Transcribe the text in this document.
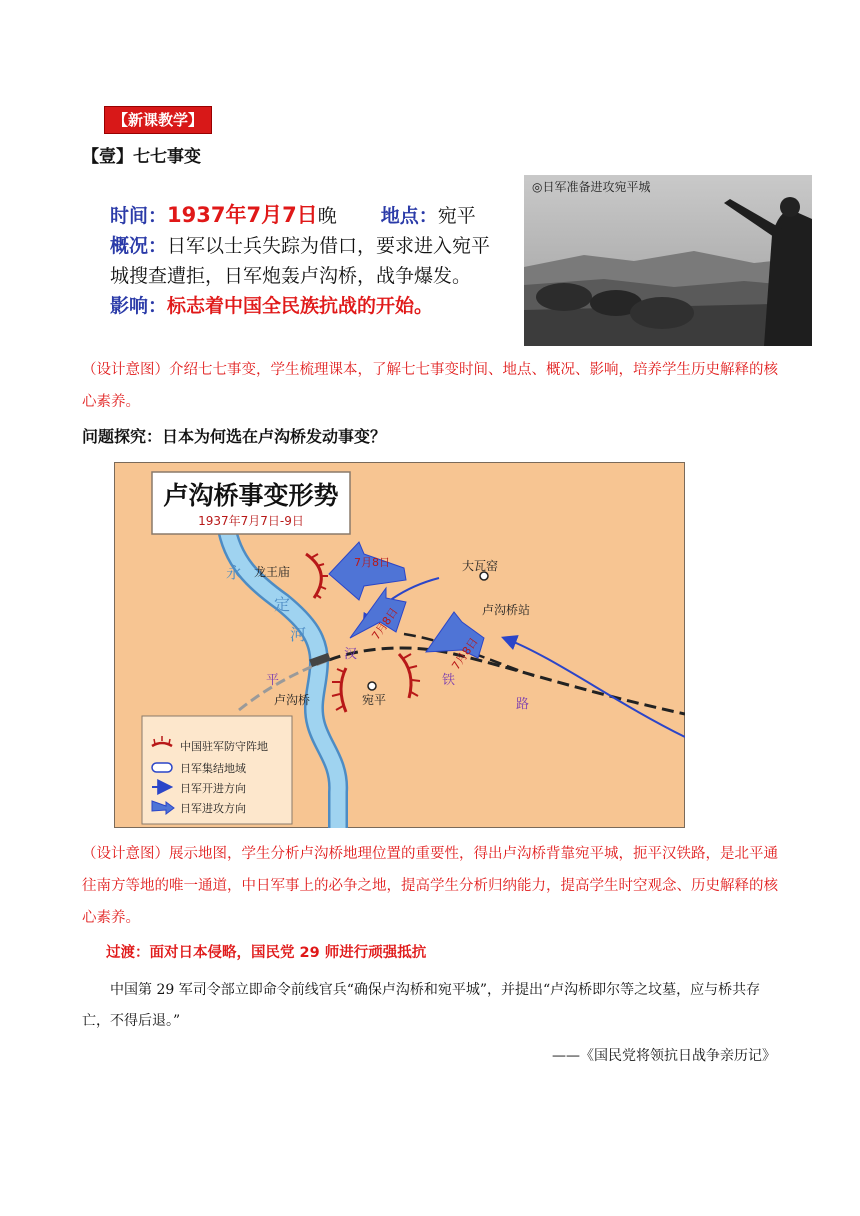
【新课教学】
【壹】七七事变
时间：1937年7月7日晚 地点：宛平
概况：日军以士兵失踪为借口，要求进入宛平
城搜查遭拒，日军炮轰卢沟桥，战争爆发。
影响：标志着中国全民族抗战的开始。
◎日军准备进攻宛平城
（设计意图）介绍七七事变，学生梳理课本，了解七七事变时间、地点、概况、影响，培养学生历史解释的核心素养。
问题探究：日本为何选在卢沟桥发动事变？
卢沟桥事变形势
1937年7月7日-9日
永
定
河
龙王庙	大瓦窑
卢沟桥站
卢沟桥	宛平
平
汉
铁
路
7月8日
7月8日
7月8日
中国驻军防守阵地
日军集结地域
日军开进方向
日军进攻方向
（设计意图）展示地图，学生分析卢沟桥地理位置的重要性，得出卢沟桥背靠宛平城，扼平汉铁路，是北平通往南方等地的唯一通道，中日军事上的必争之地，提高学生分析归纳能力，提高学生时空观念、历史解释的核心素养。
过渡：面对日本侵略，国民党 29 师进行顽强抵抗
中国第 29 军司令部立即命令前线官兵“确保卢沟桥和宛平城”，并提出“卢沟桥即尔等之坟墓，应与桥共存亡，不得后退。”
——《国民党将领抗日战争亲历记》
